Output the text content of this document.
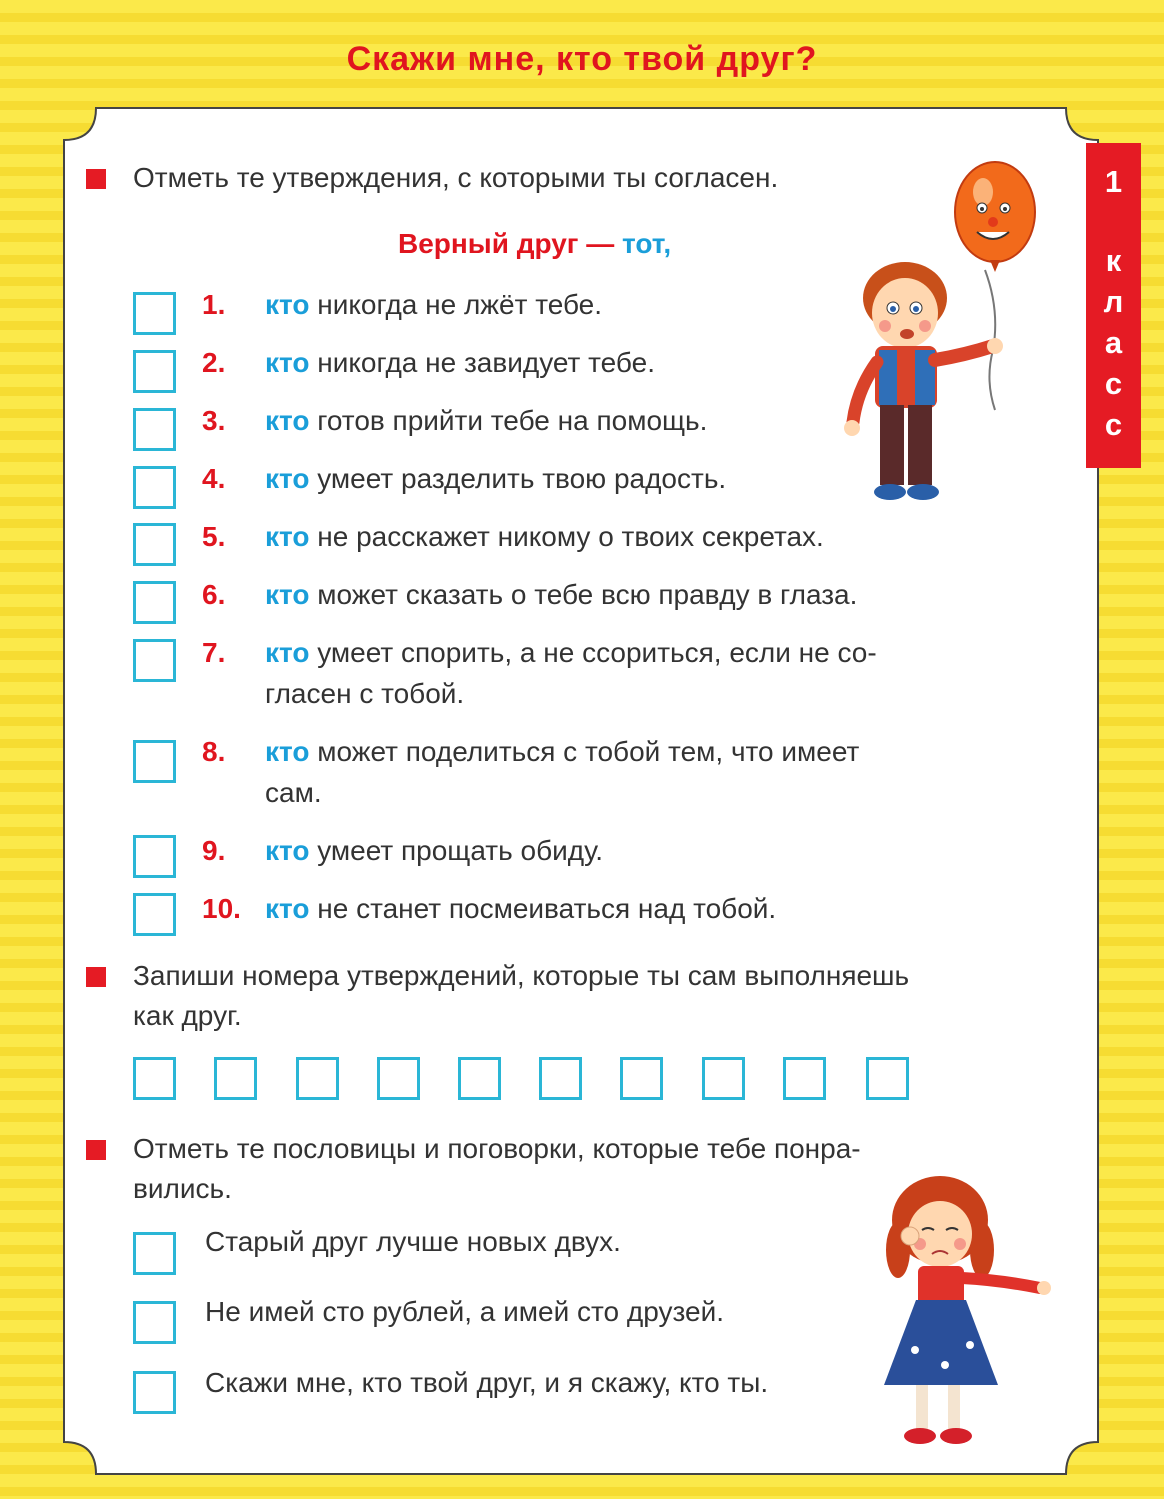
Скажи мне, кто твой друг?
1
к
л
а
с
с
Отметь те утверждения, с которыми ты согласен.
Верный друг — тот,
1.	кто никогда не лжёт тебе.
2.	кто никогда не завидует тебе.
3.	кто готов прийти тебе на помощь.
4.	кто умеет разделить твою радость.
5.	кто не расскажет никому о твоих секретах.
6.	кто может сказать о тебе всю правду в глаза.
7.	кто умеет спорить, а не ссориться, если не со-
гласен с тобой.
8.	кто может поделиться с тобой тем, что имеет
сам.
9.	кто умеет прощать обиду.
10. кто не станет посмеиваться над тобой.
Запиши номера утверждений, которые ты сам выполняешь
как друг.
Отметь те пословицы и поговорки, которые тебе понра-
вились.
Старый друг лучше новых двух.
Не имей сто рублей, а имей сто друзей.
Скажи мне, кто твой друг, и я скажу, кто ты.
